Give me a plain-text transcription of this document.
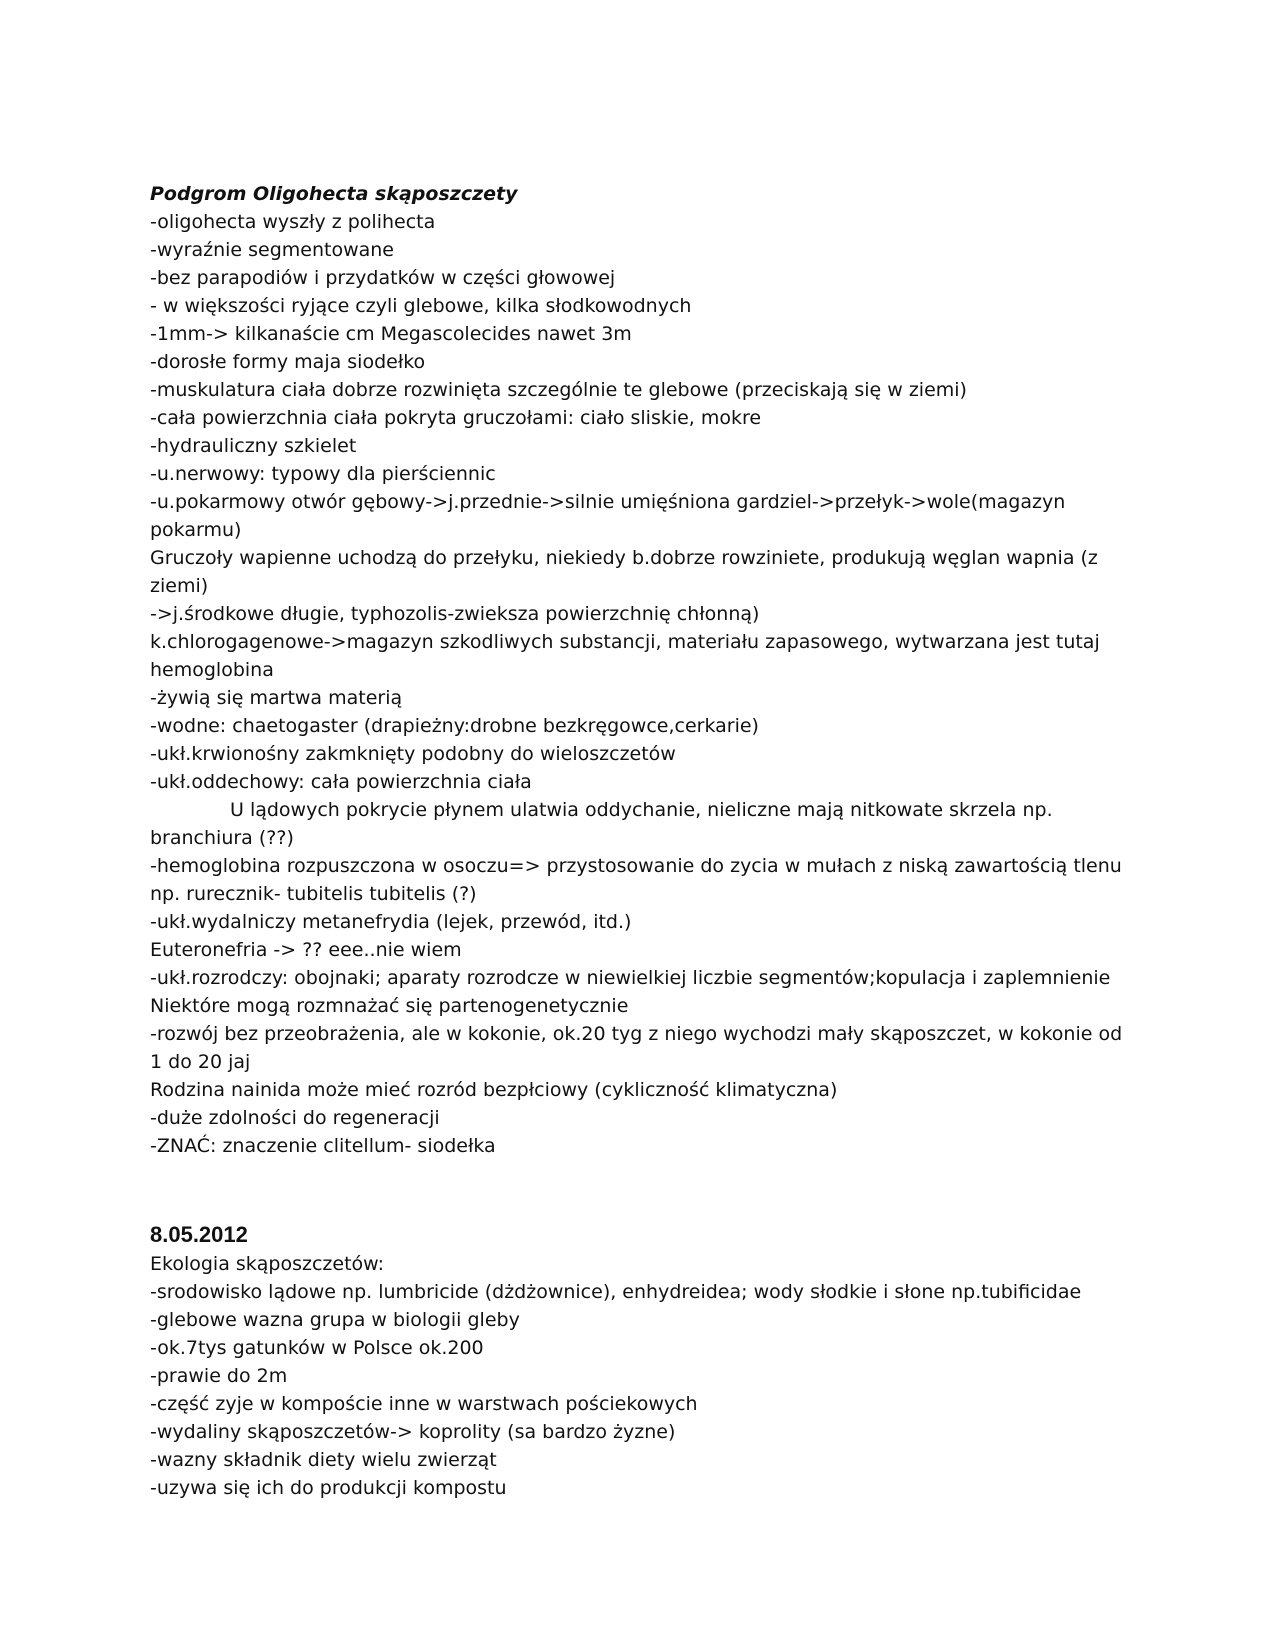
Podgrom Oligohecta skąposzczety

-oligohecta wyszły z polihecta

-wyraźnie segmentowane

-bez parapodiów i przydatków w części głowowej

- w większości ryjące czyli glebowe, kilka słodkowodnych

-1mm-> kilkanaście cm Megascolecides nawet 3m

-dorosłe formy maja siodełko

-muskulatura ciała dobrze rozwinięta szczególnie te glebowe (przeciskają się w ziemi)

-cała powierzchnia ciała pokryta gruczołami: ciało sliskie, mokre

-hydrauliczny szkielet

-u.nerwowy: typowy dla pierściennic

-u.pokarmowy otwór gębowy->j.przednie->silnie umięśniona gardziel->przełyk->wole(magazyn pokarmu)

Gruczoły wapienne uchodzą do przełyku, niekiedy b.dobrze rowziniete, produkują węglan wapnia (z ziemi)

->j.środkowe długie, typhozolis-zwieksza powierzchnię chłonną)

k.chlorogagenowe->magazyn szkodliwych substancji, materiału zapasowego, wytwarzana jest tutaj hemoglobina

-żywią się martwa materią

-wodne: chaetogaster (drapieżny:drobne bezkręgowce,cerkarie)

-ukł.krwionośny zakmknięty podobny do wieloszczetów

-ukł.oddechowy: cała powierzchnia ciała

U lądowych pokrycie płynem ulatwia oddychanie, nieliczne mają nitkowate skrzela np. branchiura (??)

-hemoglobina rozpuszczona w osoczu=> przystosowanie do zycia w mułach z niską zawartością tlenu np. rurecznik- tubitelis tubitelis (?)

-ukł.wydalniczy metanefrydia (lejek, przewód, itd.)

Euteronefria -> ?? eee..nie wiem

-ukł.rozrodczy: obojnaki; aparaty rozrodcze w niewielkiej liczbie segmentów;kopulacja i zaplemnienie

Niektóre mogą rozmnażać się partenogenetycznie

-rozwój bez przeobrażenia, ale w kokonie, ok.20 tyg z niego wychodzi mały skąposzczet, w kokonie od 1 do 20 jaj

Rodzina nainida może mieć rozród bezpłciowy (cykliczność klimatyczna)

-duże zdolności do regeneracji

-ZNAĆ: znaczenie clitellum- siodełka

8.05.2012

Ekologia skąposzczetów:

-srodowisko lądowe np. lumbricide (dżdżownice), enhydreidea; wody słodkie i słone np.tubificidae

-glebowe wazna grupa w biologii gleby

-ok.7tys gatunków w Polsce ok.200

-prawie do 2m

-część zyje w kompoście inne w warstwach pościekowych

-wydaliny skąposzczetów-> koprolity (sa bardzo żyzne)

-wazny składnik diety wielu zwierząt

-uzywa się ich do produkcji kompostu
